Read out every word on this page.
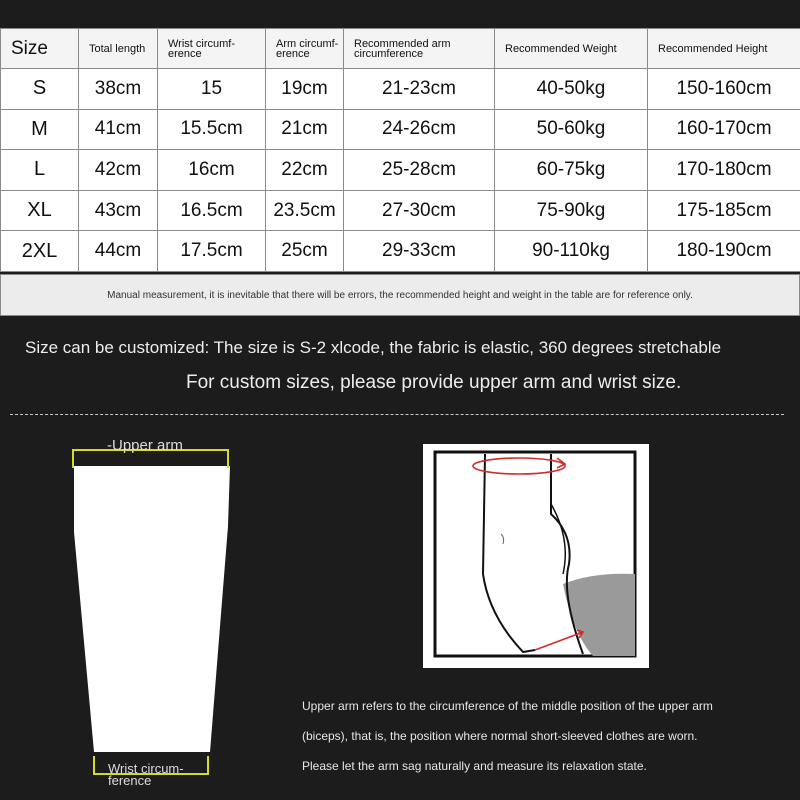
Size	Total length	Wrist circumf- erence	Arm circumf- erence	Recommended arm circumference	Recommended Weight	Recommended Height
S	38cm	15	19cm	21-23cm	40-50kg	150-160cm
M	41cm	15.5cm	21cm	24-26cm	50-60kg	160-170cm
L	42cm	16cm	22cm	25-28cm	60-75kg	170-180cm
XL	43cm	16.5cm	23.5cm	27-30cm	75-90kg	175-185cm
2XL	44cm	17.5cm	25cm	29-33cm	90-110kg	180-190cm
Manual measurement, it is inevitable that there will be errors, the recommended height and weight in the table are for reference only.
Size can be customized: The size is S-2 xlcode, the fabric is elastic, 360 degrees stretchable
For custom sizes, please provide upper arm and wrist size.
-Upper arm
Wrist circum-
ference
Upper arm refers to the circumference of the middle position of the upper arm
(biceps), that is, the position where normal short-sleeved clothes are worn.
Please let the arm sag naturally and measure its relaxation state.
